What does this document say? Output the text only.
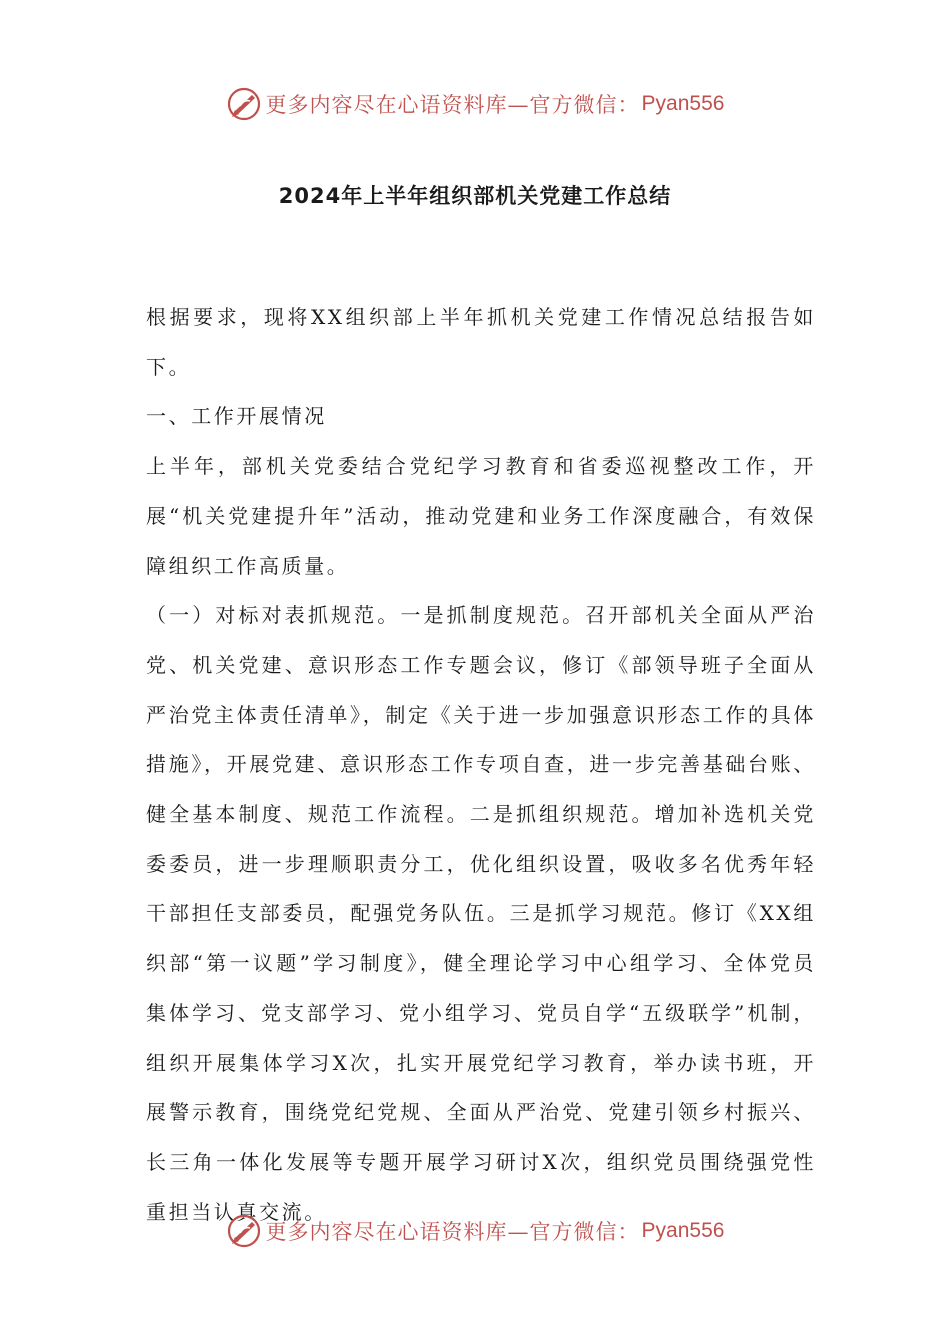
更多内容尽在心语资料库—官方微信： Pyan556
2024年上半年组织部机关党建工作总结

根据要求，现将XX组织部上半年抓机关党建工作情况总结报告如下。

一、工作开展情况

上半年，部机关党委结合党纪学习教育和省委巡视整改工作，开展“机关党建提升年”活动，推动党建和业务工作深度融合，有效保障组织工作高质量。

（一）对标对表抓规范。一是抓制度规范。召开部机关全面从严治党、机关党建、意识形态工作专题会议，修订《部领导班子全面从严治党主体责任清单》，制定《关于进一步加强意识形态工作的具体措施》，开展党建、意识形态工作专项自查，进一步完善基础台账、健全基本制度、规范工作流程。二是抓组织规范。增加补选机关党委委员，进一步理顺职责分工，优化组织设置，吸收多名优秀年轻干部担任支部委员，配强党务队伍。三是抓学习规范。修订《XX组织部“第一议题”学习制度》，健全理论学习中心组学习、全体党员集体学习、党支部学习、党小组学习、党员自学“五级联学”机制，组织开展集体学习X次，扎实开展党纪学习教育，举办读书班，开展警示教育，围绕党纪党规、全面从严治党、党建引领乡村振兴、长三角一体化发展等专题开展学习研讨X次，组织党员围绕强党性重担当认真交流。

更多内容尽在心语资料库—官方微信： Pyan556
